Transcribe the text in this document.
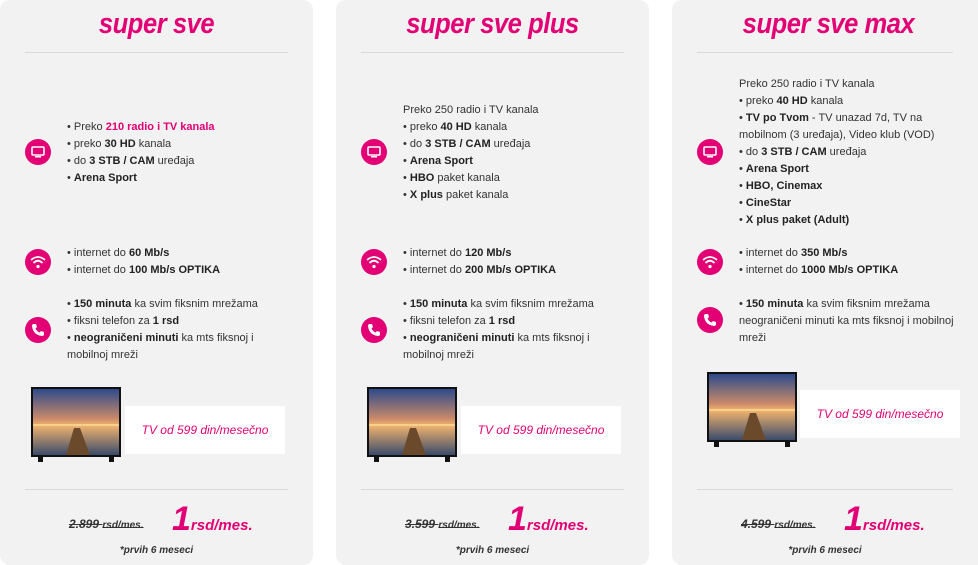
super sve
• Preko 210 radio i TV kanala
• preko 30 HD kanala
• do 3 STB / CAM uređaja
• Arena Sport
• internet do 60 Mb/s
• internet do 100 Mb/s OPTIKA
• 150 minuta ka svim fiksnim mrežama
• fiksni telefon za 1 rsd
• neograničeni minuti ka mts fiksnoj i mobilnoj mreži
TV od 599 din/mesečno
2.899 rsd/mes. 1rsd/mes.
*prvih 6 meseci
super sve plus
Preko 250 radio i TV kanala
• preko 40 HD kanala
• do 3 STB / CAM uređaja
• Arena Sport
• HBO paket kanala
• X plus paket kanala
• internet do 120 Mb/s
• internet do 200 Mb/s OPTIKA
• 150 minuta ka svim fiksnim mrežama
• fiksni telefon za 1 rsd
• neograničeni minuti ka mts fiksnoj i mobilnoj mreži
TV od 599 din/mesečno
3.599 rsd/mes. 1rsd/mes.
*prvih 6 meseci
super sve max
Preko 250 radio i TV kanala
• preko 40 HD kanala
• TV po Tvom - TV unazad 7d, TV na mobilnom (3 uređaja), Video klub (VOD)
• do 3 STB / CAM uređaja
• Arena Sport
• HBO, Cinemax
• CineStar
• X plus paket (Adult)
• internet do 350 Mb/s
• internet do 1000 Mb/s OPTIKA
• 150 minuta ka svim fiksnim mrežama neograničeni minuti ka mts fiksnoj i mobilnoj mreži
TV od 599 din/mesečno
4.599 rsd/mes. 1rsd/mes.
*prvih 6 meseci
